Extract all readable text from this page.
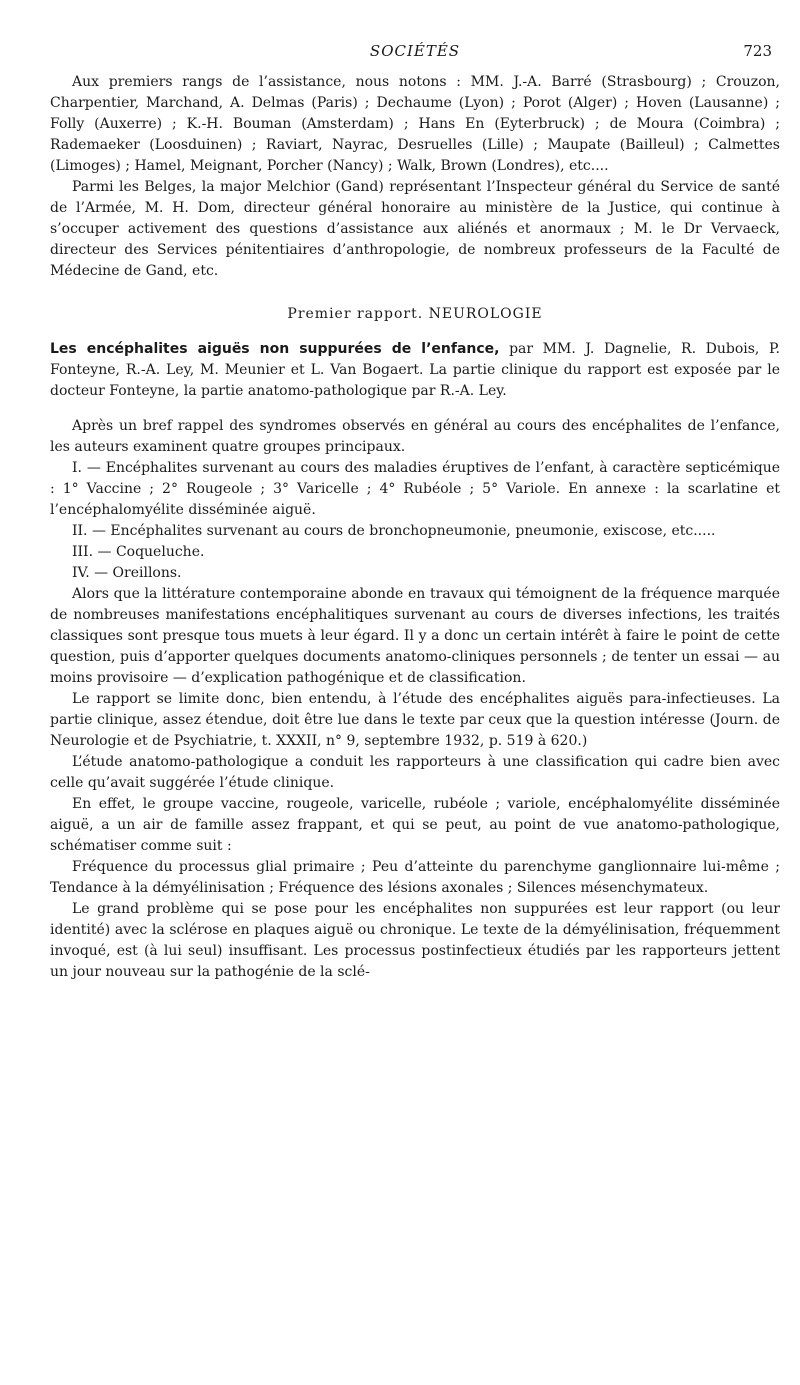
SOCIÉTÉS	723

Aux premiers rangs de l’assistance, nous notons : MM. J.-A. Barré (Strasbourg) ; Crouzon, Charpentier, Marchand, A. Delmas (Paris) ; Dechaume (Lyon) ; Porot (Alger) ; Hoven (Lausanne) ; Folly (Auxerre) ; K.-H. Bouman (Amsterdam) ; Hans En (Eyterbruck) ; de Moura (Coimbra) ; Rademaeker (Loosduinen) ; Raviart, Nayrac, Desruelles (Lille) ; Maupate (Bailleul) ; Calmettes (Limoges) ; Hamel, Meignant, Porcher (Nancy) ; Walk, Brown (Londres), etc....

Parmi les Belges, la major Melchior (Gand) représentant l’Inspecteur général du Service de santé de l’Armée, M. H. Dom, directeur général honoraire au ministère de la Justice, qui continue à s’occuper activement des questions d’assistance aux aliénés et anormaux ; M. le Dr Vervaeck, directeur des Services pénitentiaires d’anthropologie, de nombreux professeurs de la Faculté de Médecine de Gand, etc.

Premier rapport. NEUROLOGIE

Les encéphalites aiguës non suppurées de l’enfance, par MM. J. Dagnelie, R. Dubois, P. Fonteyne, R.-A. Ley, M. Meunier et L. Van Bogaert. La partie clinique du rapport est exposée par le docteur Fonteyne, la partie anatomo-pathologique par R.-A. Ley.

Après un bref rappel des syndromes observés en général au cours des encéphalites de l’enfance, les auteurs examinent quatre groupes principaux.

I. — Encéphalites survenant au cours des maladies éruptives de l’enfant, à caractère septicémique : 1° Vaccine ; 2° Rougeole ; 3° Varicelle ; 4° Rubéole ; 5° Variole. En annexe : la scarlatine et l’encéphalomyélite disséminée aiguë.

II. — Encéphalites survenant au cours de bronchopneumonie, pneumonie, exiscose, etc.....

III. — Coqueluche.

IV. — Oreillons.

Alors que la littérature contemporaine abonde en travaux qui témoignent de la fréquence marquée de nombreuses manifestations encéphalitiques survenant au cours de diverses infections, les traités classiques sont presque tous muets à leur égard. Il y a donc un certain intérêt à faire le point de cette question, puis d’apporter quelques documents anatomo-cliniques personnels ; de tenter un essai — au moins provisoire — d’explication pathogénique et de classification.

Le rapport se limite donc, bien entendu, à l’étude des encéphalites aiguës para-infectieuses. La partie clinique, assez étendue, doit être lue dans le texte par ceux que la question intéresse (Journ. de Neurologie et de Psychiatrie, t. XXXII, n° 9, septembre 1932, p. 519 à 620.)

L’étude anatomo-pathologique a conduit les rapporteurs à une classification qui cadre bien avec celle qu’avait suggérée l’étude clinique.

En effet, le groupe vaccine, rougeole, varicelle, rubéole ; variole, encéphalomyélite disséminée aiguë, a un air de famille assez frappant, et qui se peut, au point de vue anatomo-pathologique, schématiser comme suit :

Fréquence du processus glial primaire ; Peu d’atteinte du parenchyme ganglionnaire lui-même ; Tendance à la démyélinisation ; Fréquence des lésions axonales ; Silences mésenchymateux.

Le grand problème qui se pose pour les encéphalites non suppurées est leur rapport (ou leur identité) avec la sclérose en plaques aiguë ou chronique. Le texte de la démyélinisation, fréquemment invoqué, est (à lui seul) insuffisant. Les processus postinfectieux étudiés par les rapporteurs jettent un jour nouveau sur la pathogénie de la sclé-
